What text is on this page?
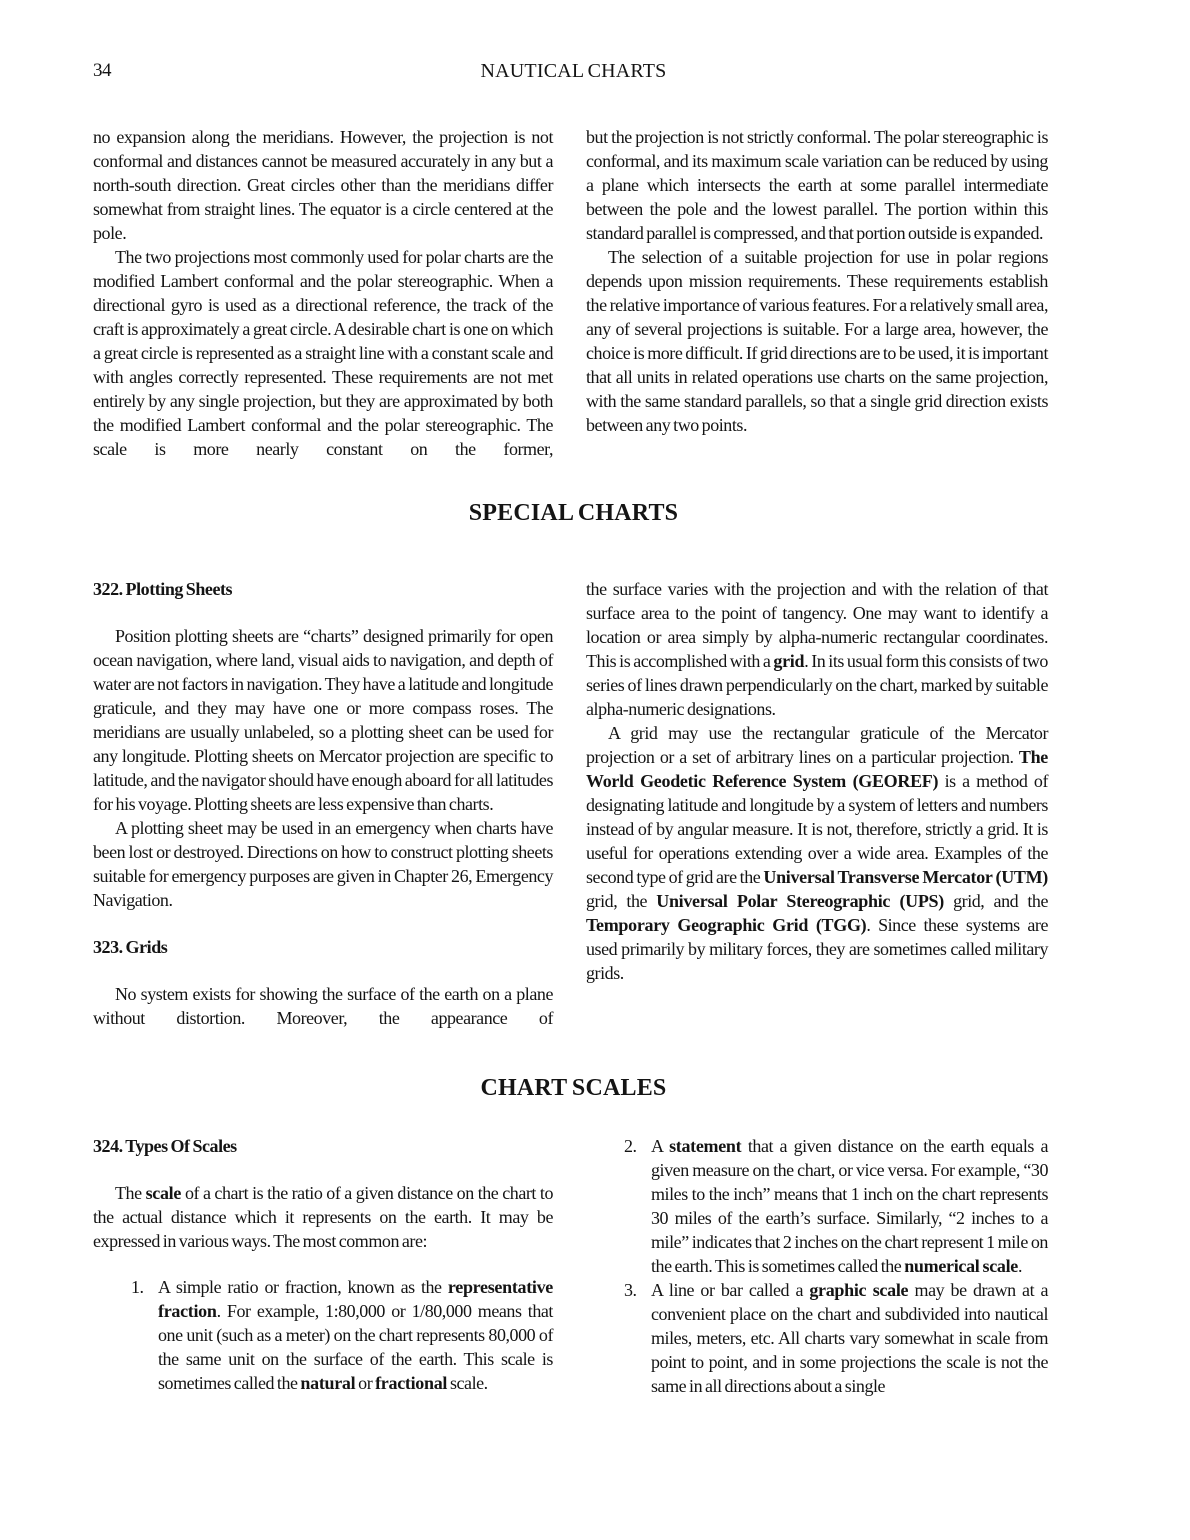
34	NAUTICAL CHARTS

no expansion along the meridians. However, the projection is not conformal and distances cannot be measured accurately in any but a north-south direction. Great circles other than the meridians differ somewhat from straight lines. The equator is a circle centered at the pole.

The two projections most commonly used for polar charts are the modified Lambert conformal and the polar stereographic. When a directional gyro is used as a directional reference, the track of the craft is approximately a great circle. A desirable chart is one on which a great circle is represented as a straight line with a constant scale and with angles correctly represented. These requirements are not met entirely by any single projection, but they are approximated by both the modified Lambert conformal and the polar stereographic. The scale is more nearly constant on the former,

but the projection is not strictly conformal. The polar stereographic is conformal, and its maximum scale variation can be reduced by using a plane which intersects the earth at some parallel intermediate between the pole and the lowest parallel. The portion within this standard parallel is compressed, and that portion outside is expanded.

The selection of a suitable projection for use in polar regions depends upon mission requirements. These requirements establish the relative importance of various features. For a relatively small area, any of several projections is suitable. For a large area, however, the choice is more difficult. If grid directions are to be used, it is important that all units in related operations use charts on the same projection, with the same standard parallels, so that a single grid direction exists between any two points.

SPECIAL CHARTS
322. Plotting Sheets

Position plotting sheets are “charts” designed primarily for open ocean navigation, where land, visual aids to navigation, and depth of water are not factors in navigation. They have a latitude and longitude graticule, and they may have one or more compass roses. The meridians are usually unlabeled, so a plotting sheet can be used for any longitude. Plotting sheets on Mercator projection are specific to latitude, and the navigator should have enough aboard for all latitudes for his voyage. Plotting sheets are less expensive than charts.

A plotting sheet may be used in an emergency when charts have been lost or destroyed. Directions on how to construct plotting sheets suitable for emergency purposes are given in Chapter 26, Emergency Navigation.

323. Grids

No system exists for showing the surface of the earth on a plane without distortion. Moreover, the appearance of

the surface varies with the projection and with the relation of that surface area to the point of tangency. One may want to identify a location or area simply by alpha-numeric rectangular coordinates. This is accomplished with a grid. In its usual form this consists of two series of lines drawn perpendicularly on the chart, marked by suitable alpha-numeric designations.

A grid may use the rectangular graticule of the Mercator projection or a set of arbitrary lines on a particular projection. The World Geodetic Reference System (GEOREF) is a method of designating latitude and longitude by a system of letters and numbers instead of by angular measure. It is not, therefore, strictly a grid. It is useful for operations extending over a wide area. Examples of the second type of grid are the Universal Transverse Mercator (UTM) grid, the Universal Polar Stereographic (UPS) grid, and the Temporary Geographic Grid (TGG). Since these systems are used primarily by military forces, they are sometimes called military grids.

CHART SCALES
324. Types Of Scales

The scale of a chart is the ratio of a given distance on the chart to the actual distance which it represents on the earth. It may be expressed in various ways. The most common are:

1. A simple ratio or fraction, known as the representative fraction. For example, 1:80,000 or 1/80,000 means that one unit (such as a meter) on the chart represents 80,000 of the same unit on the surface of the earth. This scale is sometimes called the natural or fractional scale.
2. A statement that a given distance on the earth equals a given measure on the chart, or vice versa. For example, “30 miles to the inch” means that 1 inch on the chart represents 30 miles of the earth’s surface. Similarly, “2 inches to a mile” indicates that 2 inches on the chart represent 1 mile on the earth. This is sometimes called the numerical scale.
3. A line or bar called a graphic scale may be drawn at a convenient place on the chart and subdivided into nautical miles, meters, etc. All charts vary somewhat in scale from point to point, and in some projections the scale is not the same in all directions about a single
